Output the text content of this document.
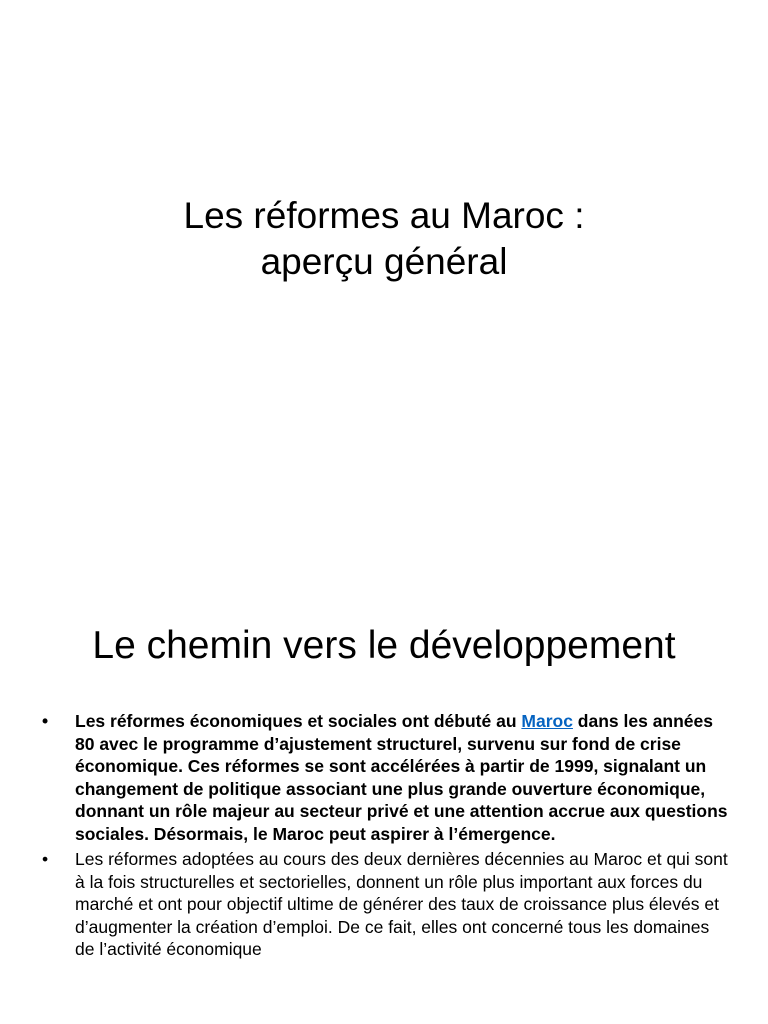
Les réformes au Maroc :
aperçu général
Le chemin vers le développement
•	Les réformes économiques et sociales ont débuté au Maroc dans les années 80 avec le programme d’ajustement structurel, survenu sur fond de crise économique. Ces réformes se sont accélérées à partir de 1999, signalant un changement de politique associant une plus grande ouverture économique, donnant un rôle majeur au secteur privé et une attention accrue aux questions sociales. Désormais, le Maroc peut aspirer à l’émergence.
•	Les réformes adoptées au cours des deux dernières décennies au Maroc et qui sont à la fois structurelles et sectorielles, donnent un rôle plus important aux forces du marché et ont pour objectif ultime de générer des taux de croissance plus élevés et d’augmenter la création d’emploi. De ce fait, elles ont concerné tous les domaines de l’activité économique
